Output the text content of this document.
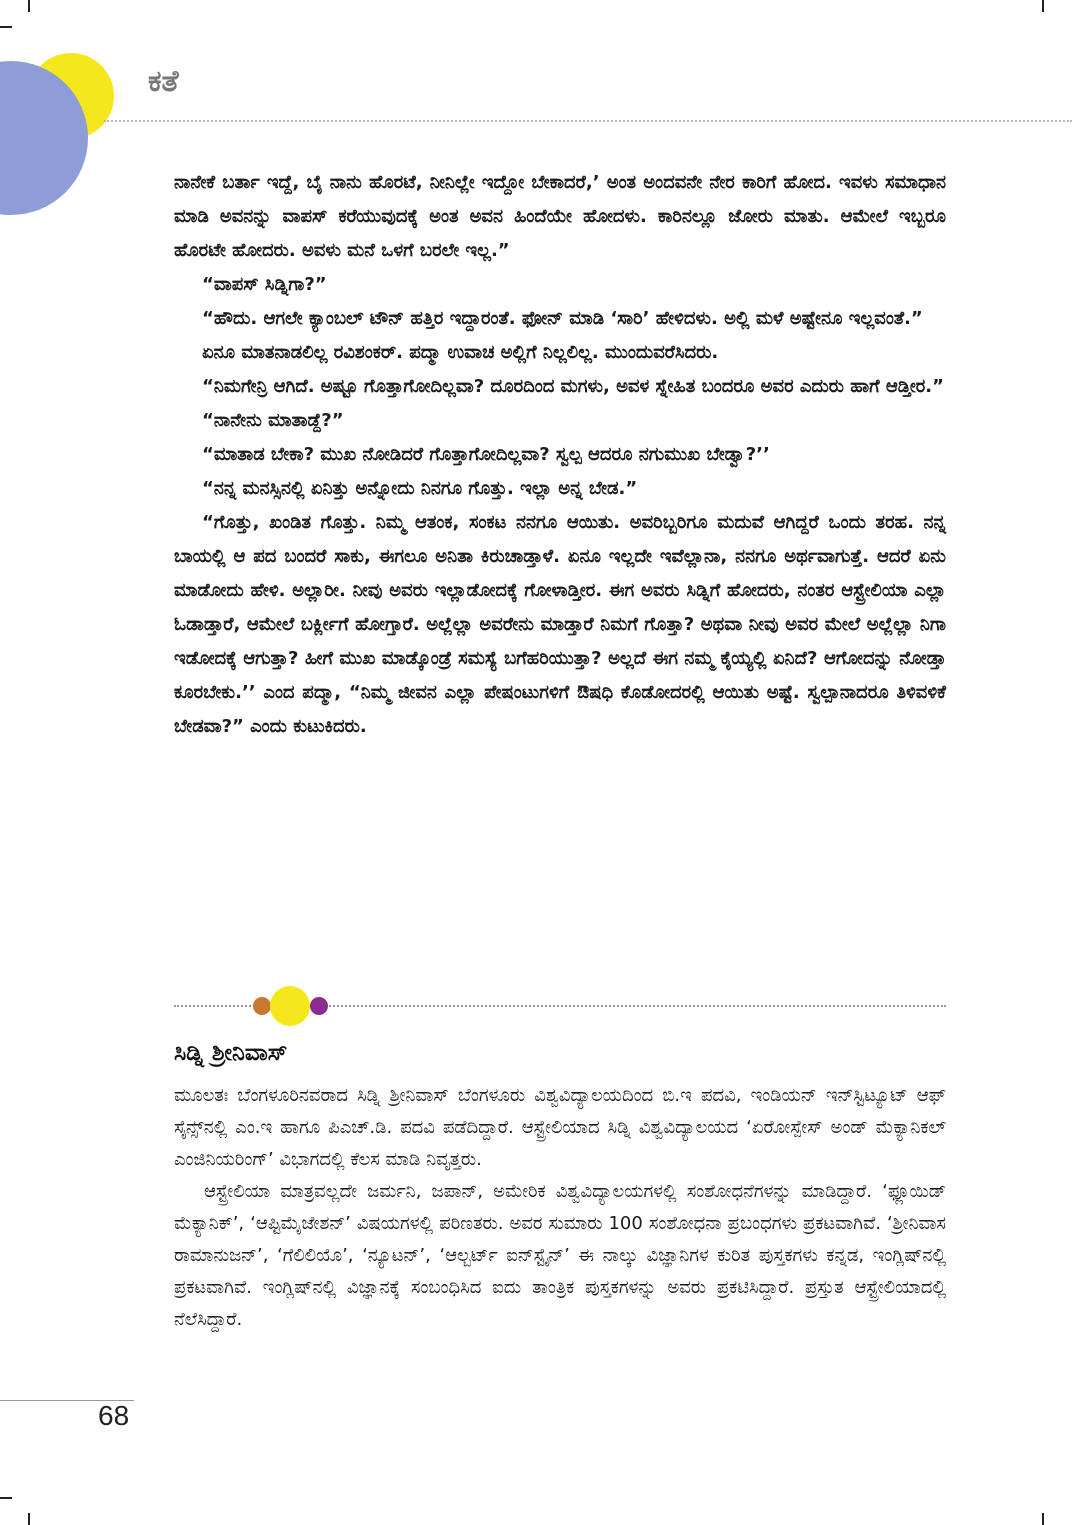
ಕತೆ

ನಾನೇಕೆ ಬರ್ತಾ ಇದ್ದೆ, ಬೈ ನಾನು ಹೊರಟೆ, ನೀನಿಲ್ಲೇ ಇದ್ದೋ ಬೇಕಾದರೆ,’ ಅಂತ ಅಂದವನೇ ನೇರ ಕಾರಿಗೆ ಹೋದ. ಇವಳು ಸಮಾಧಾನ ಮಾಡಿ ಅವನನ್ನು ವಾಪಸ್ ಕರೆಯುವುದಕ್ಕೆ ಅಂತ ಅವನ ಹಿಂದೆಯೇ ಹೋದಳು. ಕಾರಿನಲ್ಲೂ ಜೋರು ಮಾತು. ಆಮೇಲೆ ಇಬ್ಬರೂ ಹೊರಟೇ ಹೋದರು. ಅವಳು ಮನೆ ಒಳಗೆ ಬರಲೇ ಇಲ್ಲ.”

“ವಾಪಸ್ ಸಿಡ್ನಿಗಾ?”

“ಹೌದು. ಆಗಲೇ ಕ್ಯಾಂಬಲ್ ಟೌನ್ ಹತ್ತಿರ ಇದ್ದಾರಂತೆ. ಫೋನ್ ಮಾಡಿ ‘ಸಾರಿ’ ಹೇಳಿದಳು. ಅಲ್ಲಿ ಮಳೆ ಅಷ್ಟೇನೂ ಇಲ್ಲವಂತೆ.”

ಏನೂ ಮಾತನಾಡಲಿಲ್ಲ ರವಿಶಂಕರ್. ಪದ್ಮಾ ಉವಾಚ ಅಲ್ಲಿಗೆ ನಿಲ್ಲಲಿಲ್ಲ. ಮುಂದುವರೆಸಿದರು.

“ನಿಮಗೇನ್ರಿ ಆಗಿದೆ. ಅಷ್ಟೂ ಗೊತ್ತಾಗೋದಿಲ್ಲವಾ? ದೂರದಿಂದ ಮಗಳು, ಅವಳ ಸ್ನೇಹಿತ ಬಂದರೂ ಅವರ ಎದುರು ಹಾಗೆ ಆಡ್ತೀರ.”

“ನಾನೇನು ಮಾತಾಡ್ದೆ?”

“ಮಾತಾಡ ಬೇಕಾ? ಮುಖ ನೋಡಿದರೆ ಗೊತ್ತಾಗೋದಿಲ್ಲವಾ? ಸ್ವಲ್ಪ ಆದರೂ ನಗುಮುಖ ಬೇಡ್ವಾ?’’

“ನನ್ನ ಮನಸ್ಸಿನಲ್ಲಿ ಏನಿತ್ತು ಅನ್ನೋದು ನಿನಗೂ ಗೊತ್ತು. ಇಲ್ಲಾ ಅನ್ನ ಬೇಡ.”

“ಗೊತ್ತು, ಖಂಡಿತ ಗೊತ್ತು. ನಿಮ್ಮ ಆತಂಕ, ಸಂಕಟ ನನಗೂ ಆಯಿತು. ಅವರಿಬ್ಬರಿಗೂ ಮದುವೆ ಆಗಿದ್ದರೆ ಒಂದು ತರಹ. ನನ್ನ ಬಾಯಲ್ಲಿ ಆ ಪದ ಬಂದರೆ ಸಾಕು, ಈಗಲೂ ಅನಿತಾ ಕಿರುಚಾಡ್ತಾಳೆ. ಏನೂ ಇಲ್ಲದೇ ಇವೆಲ್ಲಾನಾ, ನನಗೂ ಅರ್ಥವಾಗುತ್ತೆ. ಆದರೆ ಏನು ಮಾಡೋದು ಹೇಳಿ. ಅಲ್ಲಾರೀ. ನೀವು ಅವರು ಇಲ್ಲಾಡೋದಕ್ಕೆ ಗೋಳಾಡ್ತೀರ. ಈಗ ಅವರು ಸಿಡ್ನಿಗೆ ಹೋದರು, ನಂತರ ಆಸ್ಟ್ರೇಲಿಯಾ ಎಲ್ಲಾ ಓಡಾಡ್ತಾರೆ, ಆಮೇಲೆ ಬರ್ಕ್ಲೀಗೆ ಹೋಗ್ತಾರೆ. ಅಲ್ಲೆಲ್ಲಾ ಅವರೇನು ಮಾಡ್ತಾರೆ ನಿಮಗೆ ಗೊತ್ತಾ? ಅಥವಾ ನೀವು ಅವರ ಮೇಲೆ ಅಲ್ಲೆಲ್ಲಾ ನಿಗಾ ಇಡೋದಕ್ಕೆ ಆಗುತ್ತಾ? ಹೀಗೆ ಮುಖ ಮಾಡ್ಕೊಂಡ್ರೆ ಸಮಸ್ಯೆ ಬಗೆಹರಿಯುತ್ತಾ? ಅಲ್ಲದೆ ಈಗ ನಮ್ಮ ಕೈಯ್ಯಲ್ಲಿ ಏನಿದೆ? ಆಗೋದನ್ನು ನೋಡ್ತಾ ಕೂರಬೇಕು.’’ ಎಂದ ಪದ್ಮಾ, “ನಿಮ್ಮ ಜೀವನ ಎಲ್ಲಾ ಪೇಷಂಟುಗಳಿಗೆ ಔಷಧಿ ಕೊಡೋದರಲ್ಲಿ ಆಯಿತು ಅಷ್ಟೆ. ಸ್ವಲ್ಪಾನಾದರೂ ತಿಳಿವಳಿಕೆ ಬೇಡವಾ?” ಎಂದು ಕುಟುಕಿದರು.

ಸಿಡ್ನಿ ಶ್ರೀನಿವಾಸ್

ಮೂಲತಃ ಬೆಂಗಳೂರಿನವರಾದ ಸಿಡ್ನಿ ಶ್ರೀನಿವಾಸ್ ಬೆಂಗಳೂರು ವಿಶ್ವವಿದ್ಯಾಲಯದಿಂದ ಬಿ.ಇ ಪದವಿ, ಇಂಡಿಯನ್ ಇನ್‌ಸ್ಟಿಟ್ಯೂಟ್ ಆಫ್ ಸೈನ್ಸ್‌ನಲ್ಲಿ ಎಂ.ಇ ಹಾಗೂ ಪಿಎಚ್.ಡಿ. ಪದವಿ ಪಡೆದಿದ್ದಾರೆ. ಆಸ್ಟ್ರೇಲಿಯಾದ ಸಿಡ್ನಿ ವಿಶ್ವವಿದ್ಯಾಲಯದ ‘ಏರೋಸ್ಪೇಸ್ ಅಂಡ್ ಮೆಕ್ಯಾನಿಕಲ್ ಎಂಜಿನಿಯರಿಂಗ್’ ವಿಭಾಗದಲ್ಲಿ ಕೆಲಸ ಮಾಡಿ ನಿವೃತ್ತರು.

ಆಸ್ಟ್ರೇಲಿಯಾ ಮಾತ್ರವಲ್ಲದೇ ಜರ್ಮನಿ, ಜಪಾನ್, ಅಮೇರಿಕ ವಿಶ್ವವಿದ್ಯಾಲಯಗಳಲ್ಲಿ ಸಂಶೋಧನೆಗಳನ್ನು ಮಾಡಿದ್ದಾರೆ. ‘ಫ್ಲೂಯಿಡ್ ಮೆಕ್ಯಾನಿಕ್’, ‘ಆಪ್ಟಿಮೈಜೇಶನ್’ ವಿಷಯಗಳಲ್ಲಿ ಪರಿಣತರು. ಅವರ ಸುಮಾರು 100 ಸಂಶೋಧನಾ ಪ್ರಬಂಧಗಳು ಪ್ರಕಟವಾಗಿವೆ. ‘ಶ್ರೀನಿವಾಸ ರಾಮಾನುಜನ್’, ‘ಗೆಲಿಲಿಯೊ’, ‘ನ್ಯೂಟನ್’, ‘ಆಲ್ಬರ್ಟ್ ಐನ್‌ಸ್ಟೈನ್’ ಈ ನಾಲ್ಕು ವಿಜ್ಞಾನಿಗಳ ಕುರಿತ ಪುಸ್ತಕಗಳು ಕನ್ನಡ, ಇಂಗ್ಲಿಷ್‌ನಲ್ಲಿ ಪ್ರಕಟವಾಗಿವೆ. ಇಂಗ್ಲಿಷ್‌ನಲ್ಲಿ ವಿಜ್ಞಾನಕ್ಕೆ ಸಂಬಂಧಿಸಿದ ಐದು ತಾಂತ್ರಿಕ ಪುಸ್ತಕಗಳನ್ನು ಅವರು ಪ್ರಕಟಿಸಿದ್ದಾರೆ. ಪ್ರಸ್ತುತ ಆಸ್ಟ್ರೇಲಿಯಾದಲ್ಲಿ ನೆಲೆಸಿದ್ದಾರೆ.

68
